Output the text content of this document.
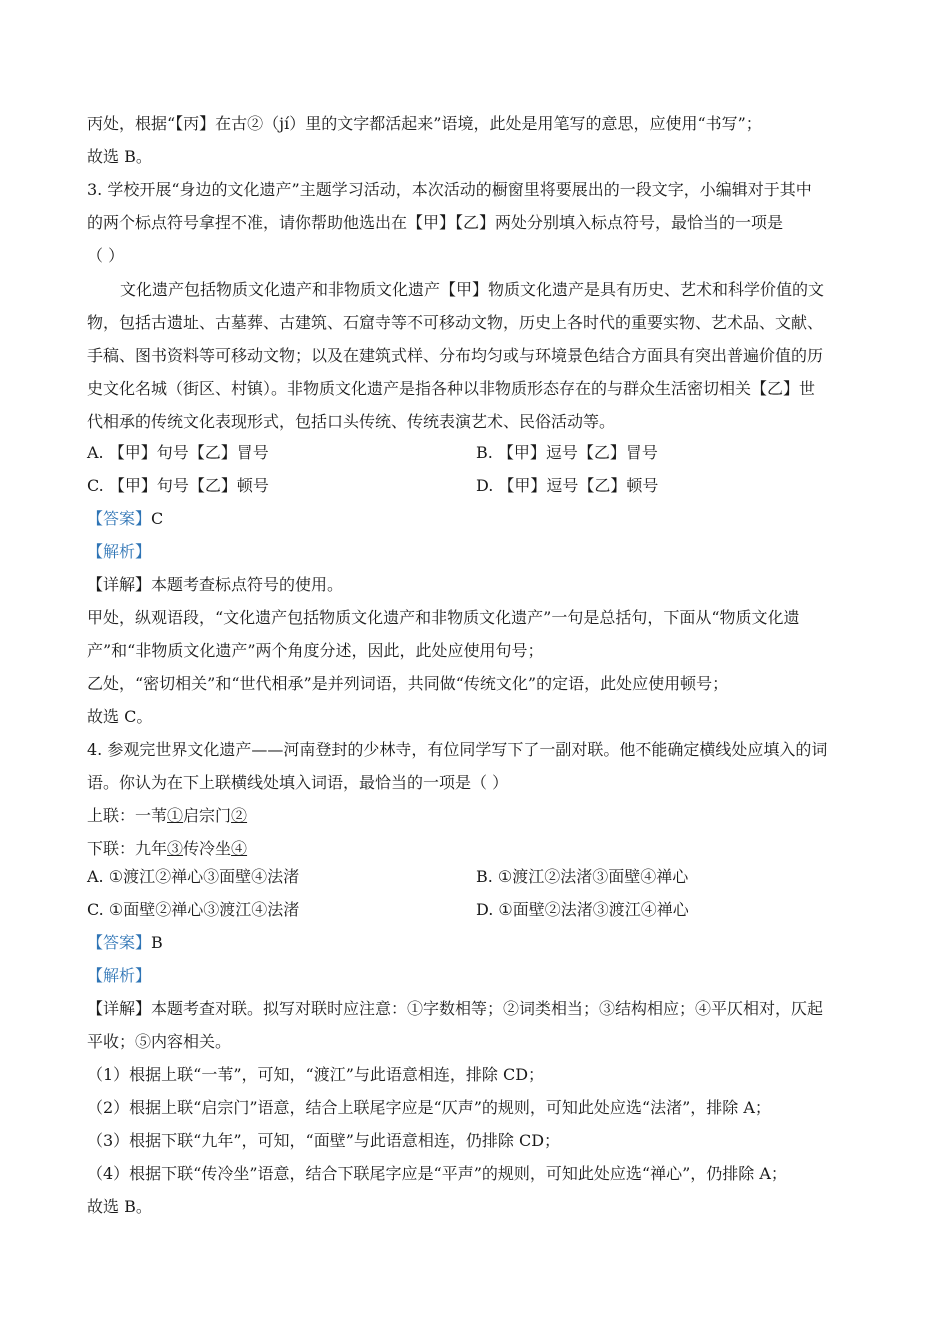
丙处，根据“【丙】在古②（jí）里的文字都活起来”语境，此处是用笔写的意思，应使用“书写”；
故选 B。
3. 学校开展“身边的文化遗产”主题学习活动，本次活动的橱窗里将要展出的一段文字，小编辑对于其中
的两个标点符号拿捏不准，请你帮助他选出在【甲】【乙】两处分别填入标点符号，最恰当的一项是
（ ）
文化遗产包括物质文化遗产和非物质文化遗产【甲】物质文化遗产是具有历史、艺术和科学价值的文
物，包括古遗址、古墓葬、古建筑、石窟寺等不可移动文物，历史上各时代的重要实物、艺术品、文献、
手稿、图书资料等可移动文物；以及在建筑式样、分布均匀或与环境景色结合方面具有突出普遍价值的历
史文化名城（街区、村镇）。非物质文化遗产是指各种以非物质形态存在的与群众生活密切相关【乙】世
代相承的传统文化表现形式，包括口头传统、传统表演艺术、民俗活动等。
A. 【甲】句号【乙】冒号	B. 【甲】逗号【乙】冒号
C. 【甲】句号【乙】顿号	D. 【甲】逗号【乙】顿号
【答案】C
【解析】
【详解】本题考查标点符号的使用。
甲处，纵观语段，“文化遗产包括物质文化遗产和非物质文化遗产”一句是总括句，下面从“物质文化遗
产”和“非物质文化遗产”两个角度分述，因此，此处应使用句号；
乙处，“密切相关”和“世代相承”是并列词语，共同做“传统文化”的定语，此处应使用顿号；
故选 C。
4. 参观完世界文化遗产——河南登封的少林寺，有位同学写下了一副对联。他不能确定横线处应填入的词
语。你认为在下上联横线处填入词语，最恰当的一项是（ ）
上联：一苇①启宗门②
下联：九年③传冷坐④
A. ①渡江②禅心③面壁④法渚	B. ①渡江②法渚③面壁④禅心
C. ①面壁②禅心③渡江④法渚	D. ①面壁②法渚③渡江④禅心
【答案】B
【解析】
【详解】本题考查对联。拟写对联时应注意：①字数相等；②词类相当；③结构相应；④平仄相对，仄起
平收；⑤内容相关。
（1）根据上联“一苇”，可知，“渡江”与此语意相连，排除 CD；
（2）根据上联“启宗门”语意，结合上联尾字应是“仄声”的规则，可知此处应选“法渚”，排除 A；
（3）根据下联“九年”，可知，“面壁”与此语意相连，仍排除 CD；
（4）根据下联“传冷坐”语意，结合下联尾字应是“平声”的规则，可知此处应选“禅心”，仍排除 A；
故选 B。
